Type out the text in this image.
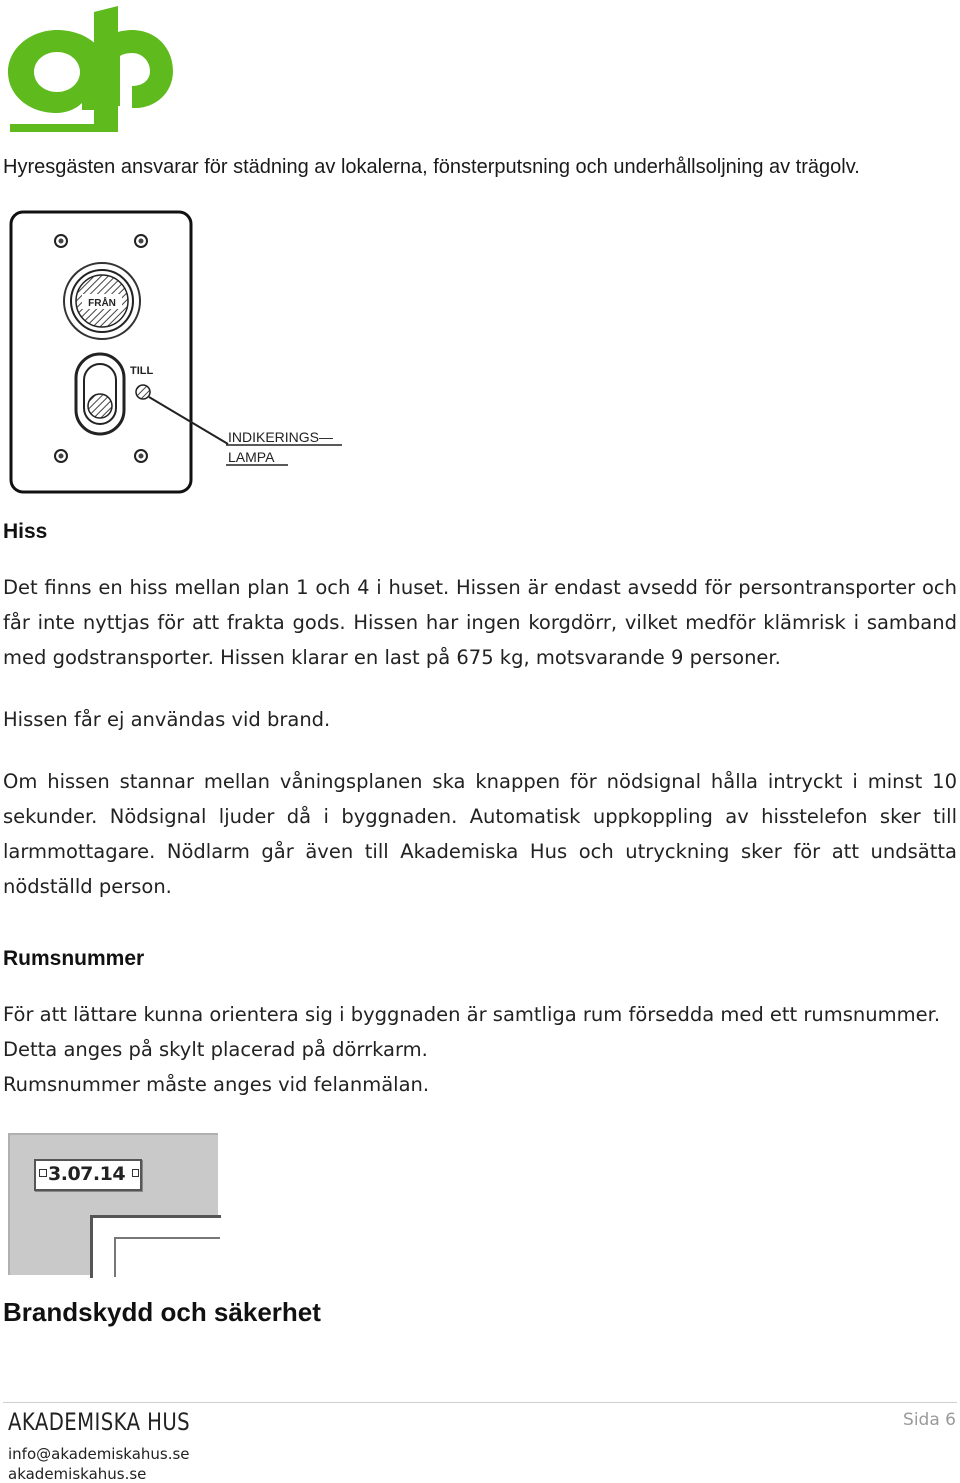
Hyresgästen ansvarar för städning av lokalerna, fönsterputsning och underhållsoljning av trägolv.
FRÅN
TILL
INDIKERINGS—
LAMPA
Hiss
Det finns en hiss mellan plan 1 och 4 i huset. Hissen är endast avsedd för persontransporter och får inte nyttjas för att frakta gods. Hissen har ingen korgdörr, vilket medför klämrisk i samband med godstransporter. Hissen klarar en last på 675 kg, motsvarande 9 personer.
Hissen får ej användas vid brand.
Om hissen stannar mellan våningsplanen ska knappen för nödsignal hålla intryckt i minst 10 sekunder. Nödsignal ljuder då i byggnaden. Automatisk uppkoppling av hisstelefon sker till larmmottagare. Nödlarm går även till Akademiska Hus och utryckning sker för att undsätta nödställd person.
Rumsnummer
För att lättare kunna orientera sig i byggnaden är samtliga rum försedda med ett rumsnummer.
Detta anges på skylt placerad på dörrkarm.
Rumsnummer måste anges vid felanmälan.
3.07.14
Brandskydd och säkerhet
AKADEMISKA HUS
info@akademiskahus.se
akademiskahus.se
Sida 6
